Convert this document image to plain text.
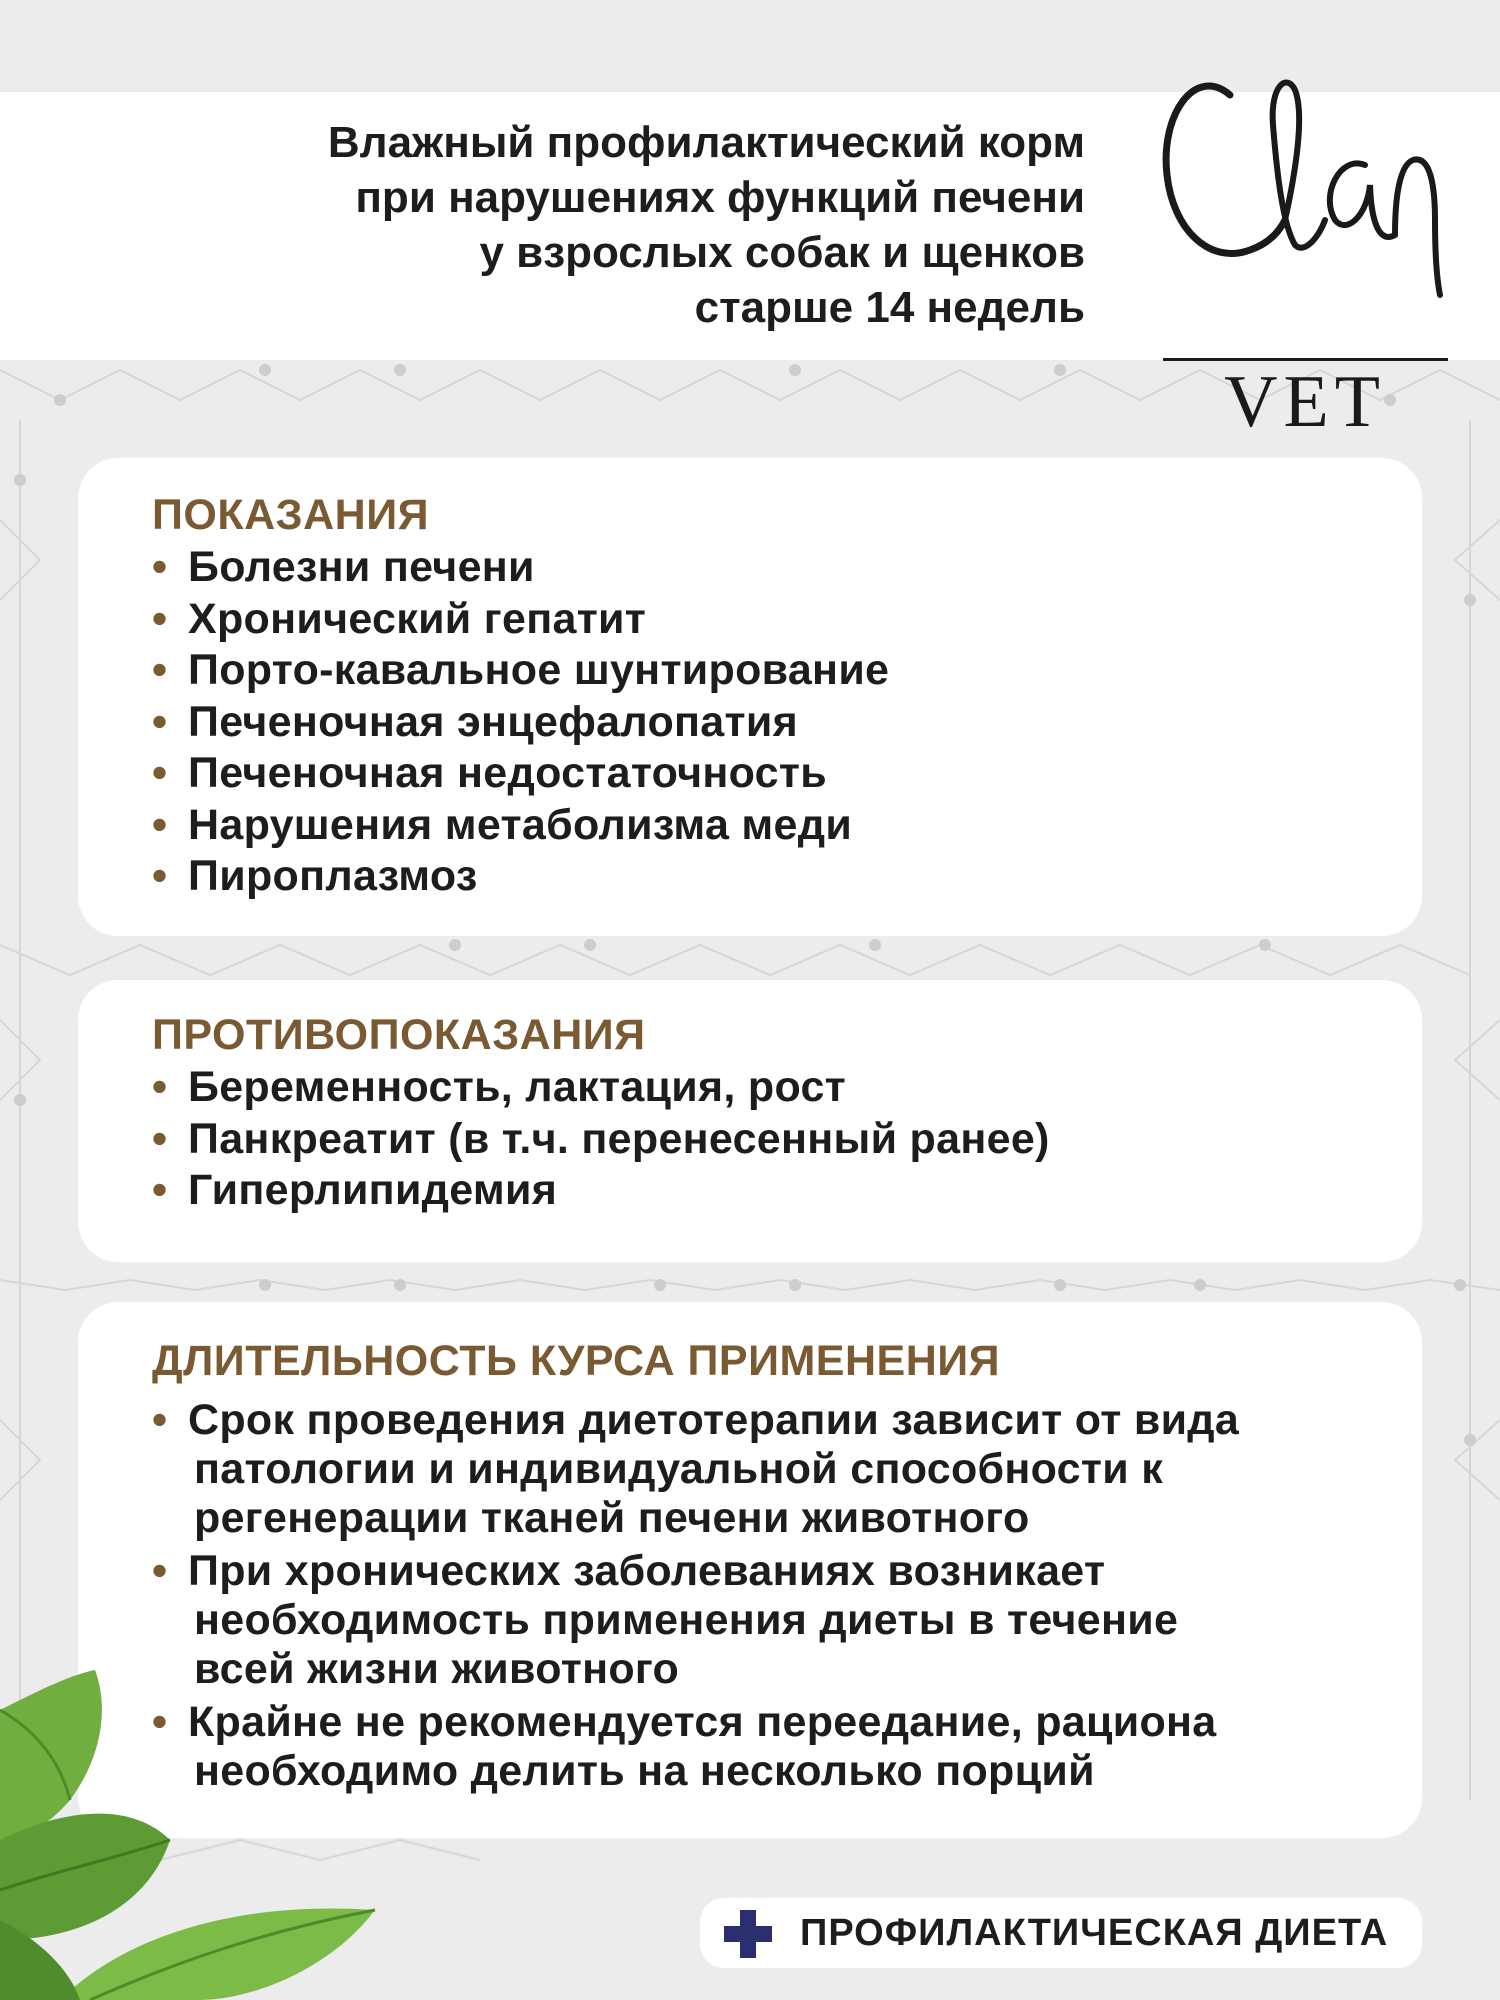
Влажный профилактический корм
при нарушениях функций печени
у взрослых собак и щенков
старше 14 недель
VET
ПОКАЗАНИЯ
• Болезни печени
• Хронический гепатит
• Порто-кавальное шунтирование
• Печеночная энцефалопатия
• Печеночная недостаточность
• Нарушения метаболизма меди
• Пироплазмоз
ПРОТИВОПОКАЗАНИЯ
• Беременность, лактация, рост
• Панкреатит (в т.ч. перенесенный ранее)
• Гиперлипидемия
ДЛИТЕЛЬНОСТЬ КУРСА ПРИМЕНЕНИЯ
• Срок проведения диетотерапии зависит от вида
патологии и индивидуальной способности к
регенерации тканей печени животного
• При хронических заболеваниях возникает
необходимость применения диеты в течение
всей жизни животного
• Крайне не рекомендуется переедание, рациона
необходимо делить на несколько порций
ПРОФИЛАКТИЧЕСКАЯ ДИЕТА
